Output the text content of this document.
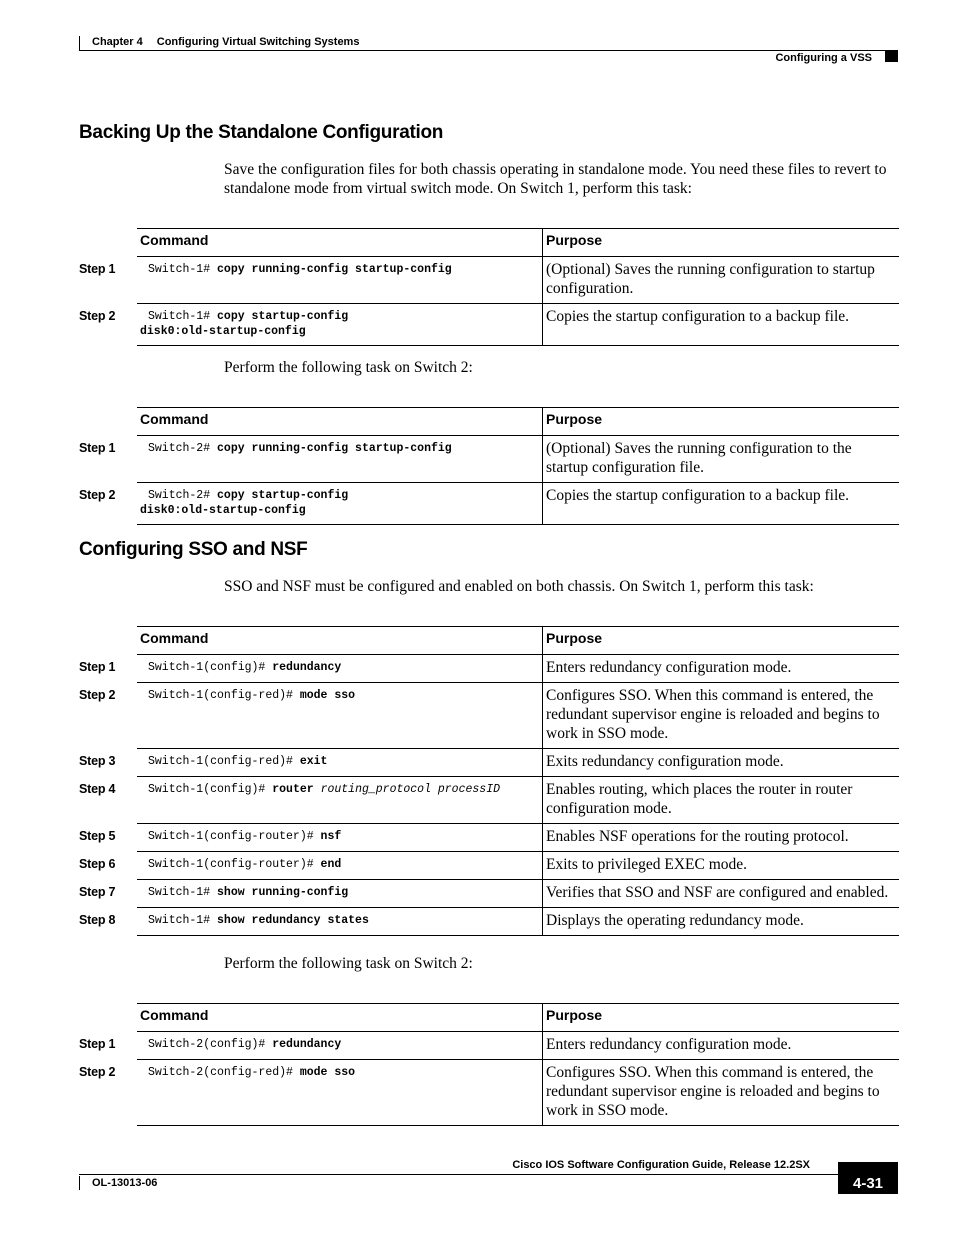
Chapter 4 Configuring Virtual Switching Systems
Configuring a VSS
Backing Up the Standalone Configuration

Save the configuration files for both chassis operating in standalone mode. You need these files to revert to standalone mode from virtual switch mode. On Switch 1, perform this task:

	Command	Purpose
Step 1	Switch-1# copy running-config startup-config	(Optional) Saves the running configuration to startup configuration.
Step 2	Switch-1# copy startup-config
disk0:old-startup-config	Copies the startup configuration to a backup file.

Perform the following task on Switch 2:

	Command	Purpose
Step 1	Switch-2# copy running-config startup-config	(Optional) Saves the running configuration to the startup configuration file.
Step 2	Switch-2# copy startup-config
disk0:old-startup-config	Copies the startup configuration to a backup file.
Configuring SSO and NSF

SSO and NSF must be configured and enabled on both chassis. On Switch 1, perform this task:

	Command	Purpose
Step 1	Switch-1(config)# redundancy	Enters redundancy configuration mode.
Step 2	Switch-1(config-red)# mode sso	Configures SSO. When this command is entered, the redundant supervisor engine is reloaded and begins to work in SSO mode.
Step 3	Switch-1(config-red)# exit	Exits redundancy configuration mode.
Step 4	Switch-1(config)# router routing_protocol processID	Enables routing, which places the router in router configuration mode.
Step 5	Switch-1(config-router)# nsf	Enables NSF operations for the routing protocol.
Step 6	Switch-1(config-router)# end	Exits to privileged EXEC mode.
Step 7	Switch-1# show running-config	Verifies that SSO and NSF are configured and enabled.
Step 8	Switch-1# show redundancy states	Displays the operating redundancy mode.

Perform the following task on Switch 2:

	Command	Purpose
Step 1	Switch-2(config)# redundancy	Enters redundancy configuration mode.
Step 2	Switch-2(config-red)# mode sso	Configures SSO. When this command is entered, the redundant supervisor engine is reloaded and begins to work in SSO mode.
Cisco IOS Software Configuration Guide, Release 12.2SX
OL-13013-06	4-31
